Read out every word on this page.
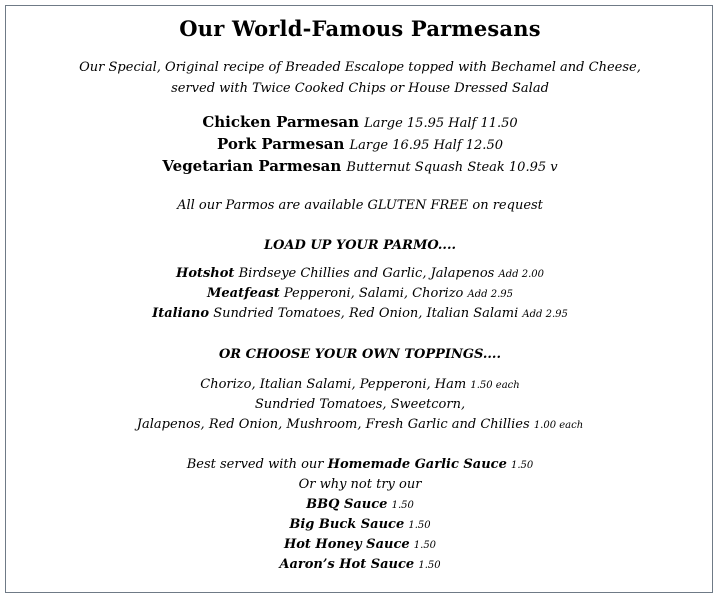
Our World-Famous Parmesans
Our Special, Original recipe of Breaded Escalope topped with Bechamel and Cheese,
served with Twice Cooked Chips or House Dressed Salad
Chicken Parmesan Large 15.95 Half 11.50
Pork Parmesan Large 16.95 Half 12.50
Vegetarian Parmesan Butternut Squash Steak 10.95 v
All our Parmos are available GLUTEN FREE on request
LOAD UP YOUR PARMO....
Hotshot Birdseye Chillies and Garlic, Jalapenos Add 2.00
Meatfeast Pepperoni, Salami, Chorizo Add 2.95
Italiano Sundried Tomatoes, Red Onion, Italian Salami Add 2.95
OR CHOOSE YOUR OWN TOPPINGS....
Chorizo, Italian Salami, Pepperoni, Ham 1.50 each
Sundried Tomatoes, Sweetcorn,
Jalapenos, Red Onion, Mushroom, Fresh Garlic and Chillies 1.00 each
Best served with our Homemade Garlic Sauce 1.50
Or why not try our
BBQ Sauce 1.50
Big Buck Sauce 1.50
Hot Honey Sauce 1.50
Aaron’s Hot Sauce 1.50
